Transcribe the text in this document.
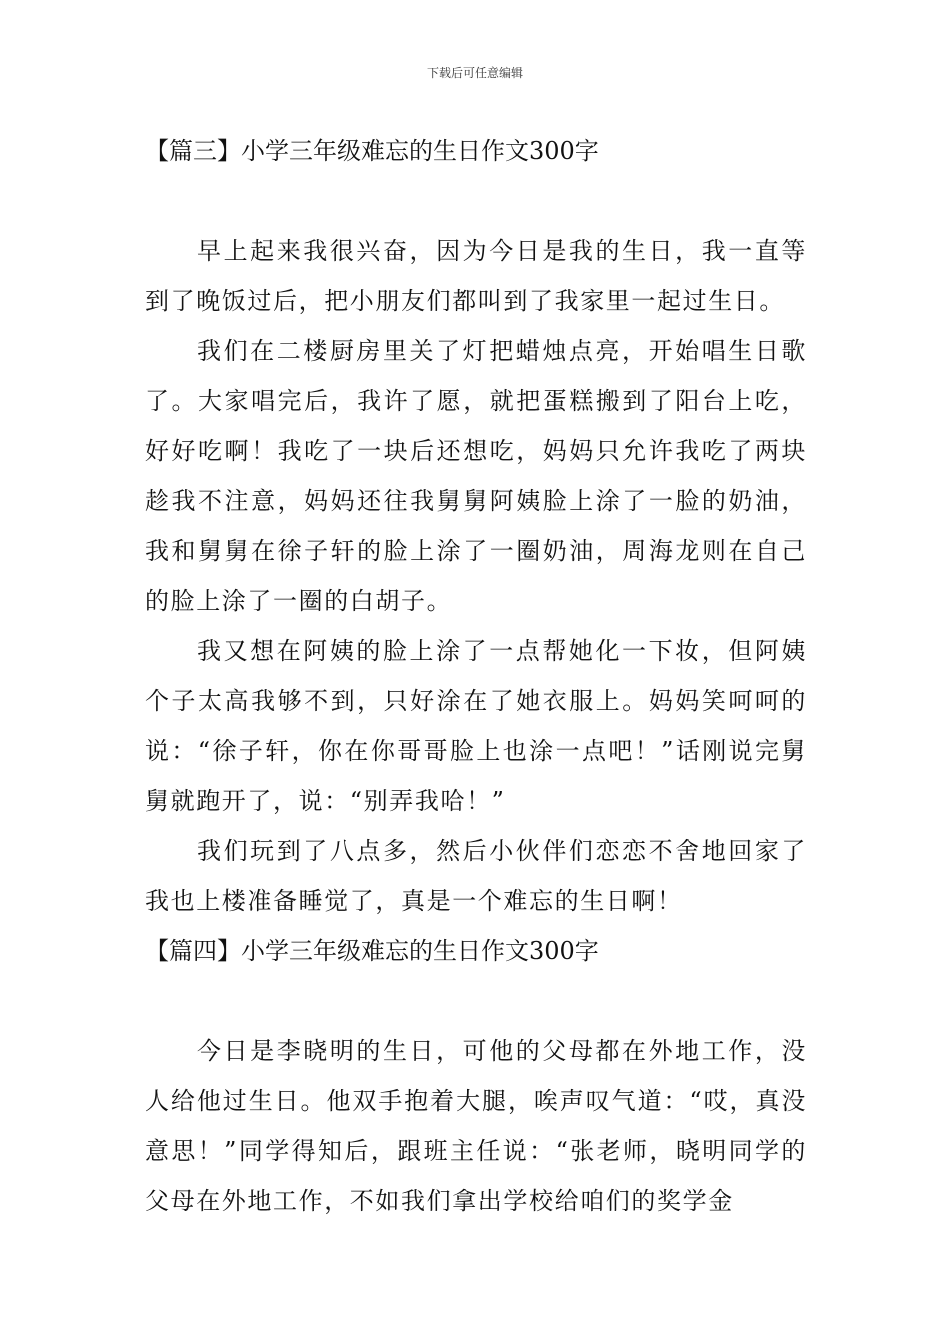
下载后可任意编辑
【篇三】小学三年级难忘的生日作文300字

早上起来我很兴奋，因为今日是我的生日，我一直等到了晚饭过后，把小朋友们都叫到了我家里一起过生日。

我们在二楼厨房里关了灯把蜡烛点亮，开始唱生日歌了。大家唱完后，我许了愿，就把蛋糕搬到了阳台上吃，好好吃啊！我吃了一块后还想吃，妈妈只允许我吃了两块趁我不注意，妈妈还往我舅舅阿姨脸上涂了一脸的奶油，我和舅舅在徐子轩的脸上涂了一圈奶油，周海龙则在自己的脸上涂了一圈的白胡子。

我又想在阿姨的脸上涂了一点帮她化一下妆，但阿姨个子太高我够不到，只好涂在了她衣服上。妈妈笑呵呵的说：“徐子轩，你在你哥哥脸上也涂一点吧！”话刚说完舅舅就跑开了，说：“别弄我哈！”

我们玩到了八点多，然后小伙伴们恋恋不舍地回家了我也上楼准备睡觉了，真是一个难忘的生日啊！

【篇四】小学三年级难忘的生日作文300字

今日是李晓明的生日，可他的父母都在外地工作，没人给他过生日。他双手抱着大腿，唉声叹气道：“哎，真没意思！”同学得知后，跟班主任说：“张老师，晓明同学的父母在外地工作，不如我们拿出学校给咱们的奖学金
